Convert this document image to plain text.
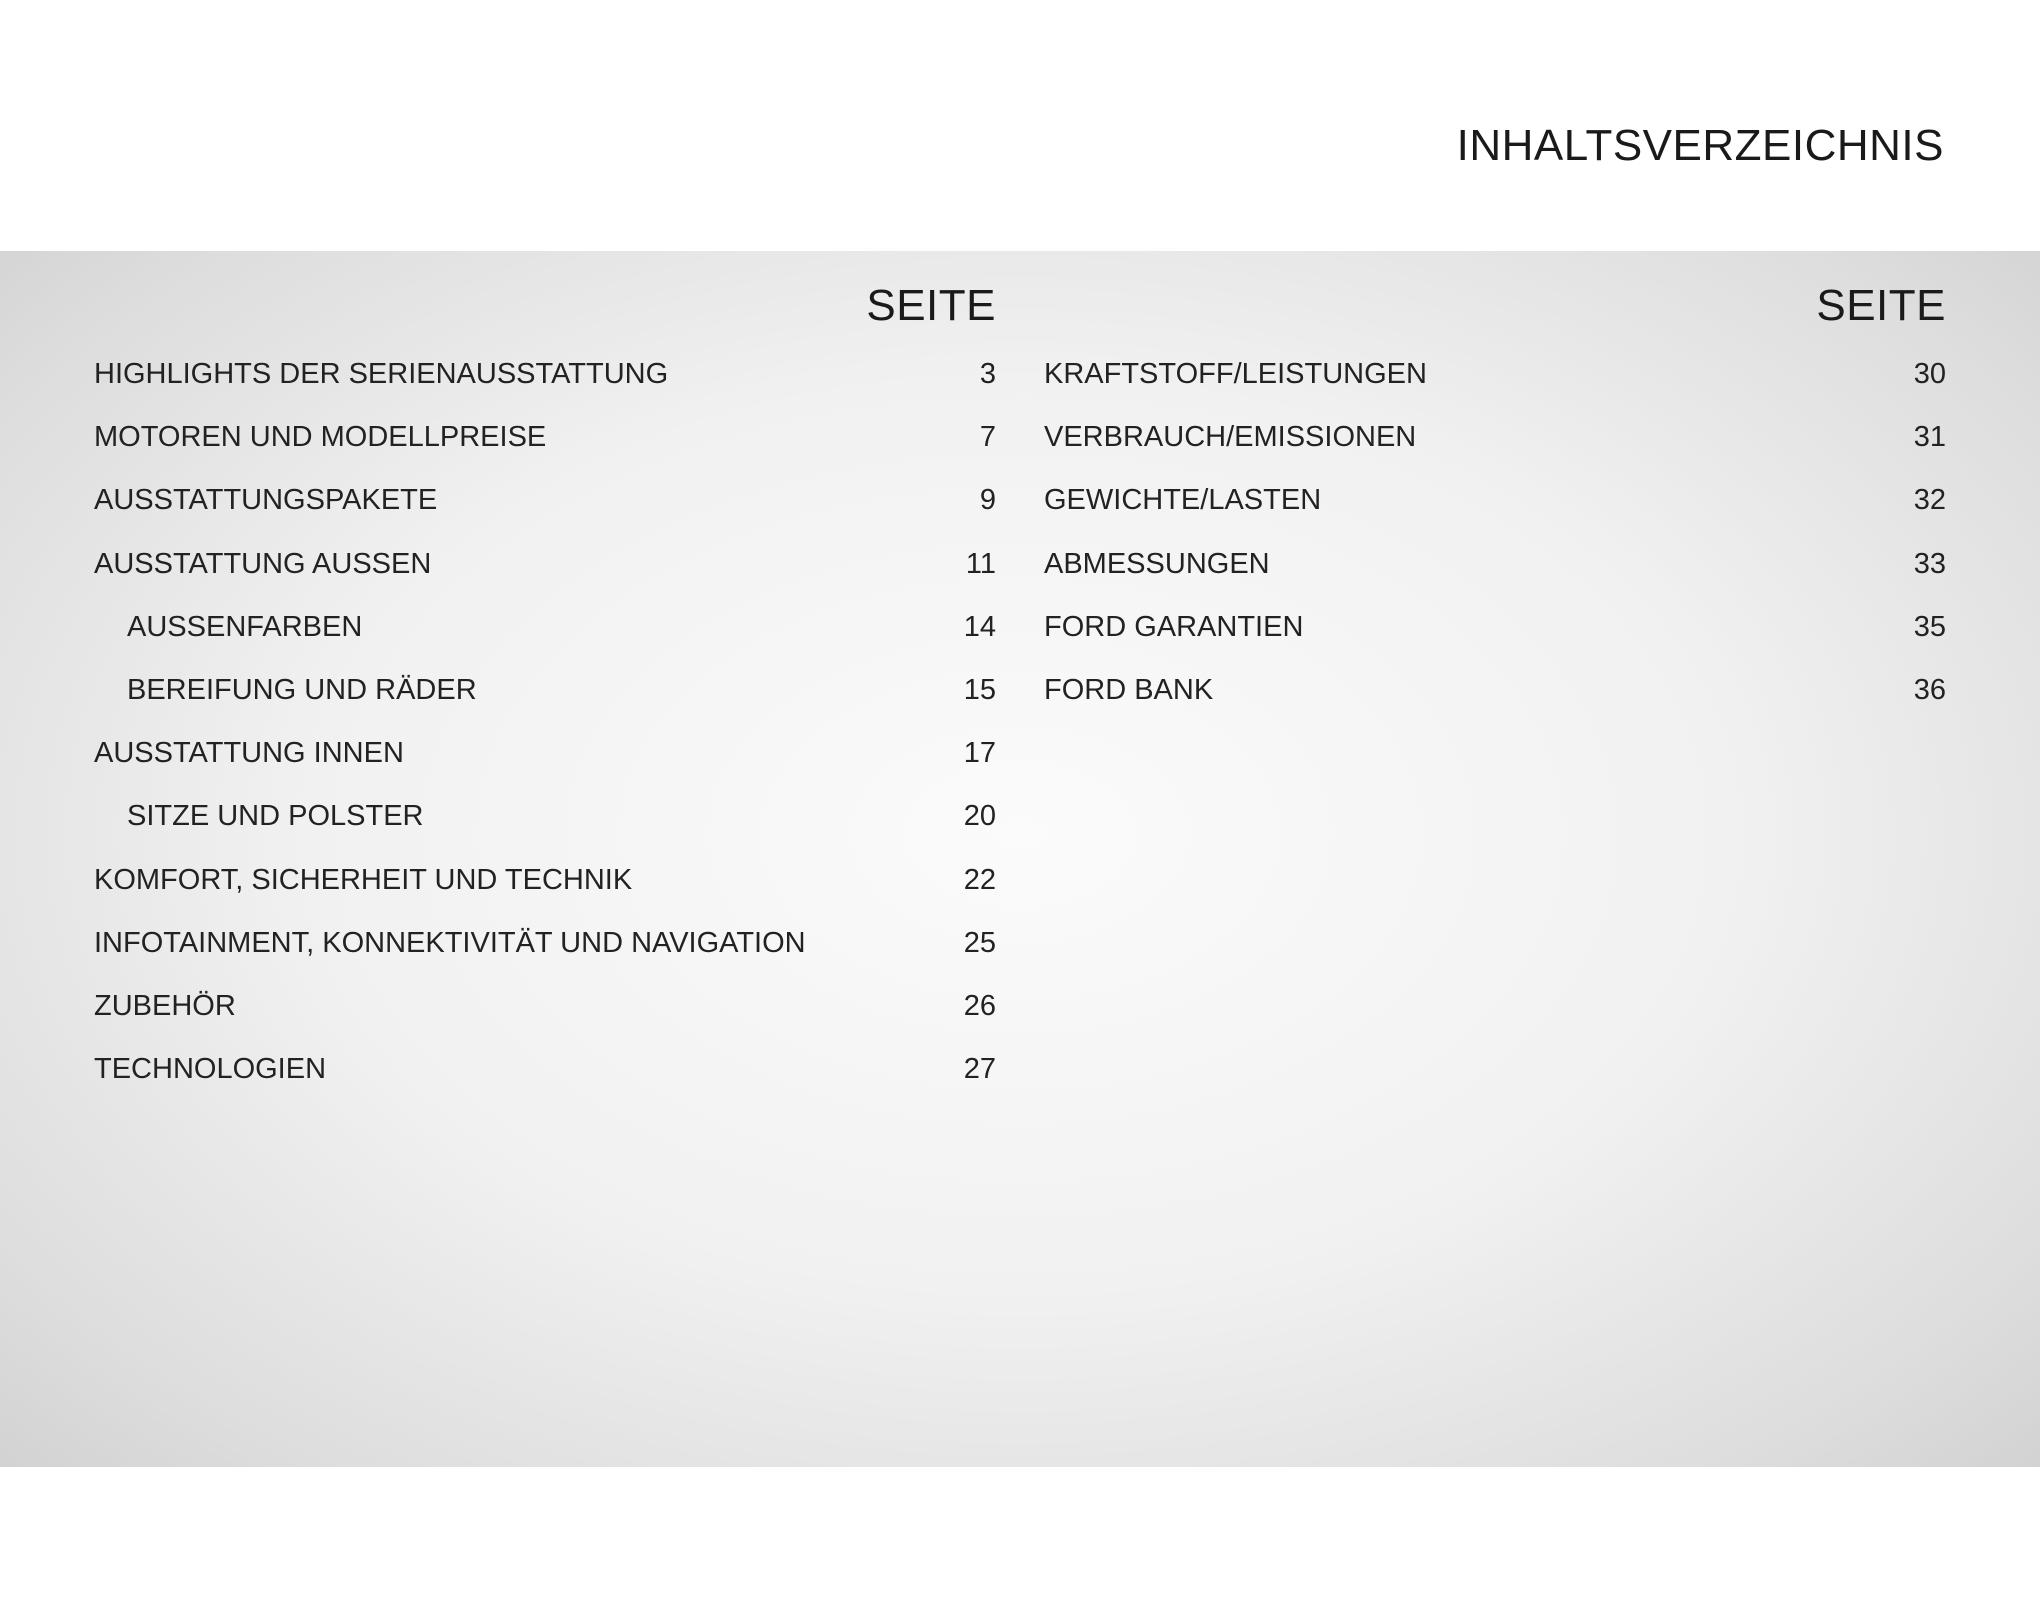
INHALTSVERZEICHNIS
SEITE
HIGHLIGHTS DER SERIENAUSSTATTUNG	3
MOTOREN UND MODELLPREISE	7
AUSSTATTUNGSPAKETE	9
AUSSTATTUNG AUSSEN	11
AUSSENFARBEN	14
BEREIFUNG UND RÄDER	15
AUSSTATTUNG INNEN	17
SITZE UND POLSTER	20
KOMFORT, SICHERHEIT UND TECHNIK	22
INFOTAINMENT, KONNEKTIVITÄT UND NAVIGATION	25
ZUBEHÖR	26
TECHNOLOGIEN	27
SEITE
KRAFTSTOFF/LEISTUNGEN	30
VERBRAUCH/EMISSIONEN	31
GEWICHTE/LASTEN	32
ABMESSUNGEN	33
FORD GARANTIEN	35
FORD BANK	36
